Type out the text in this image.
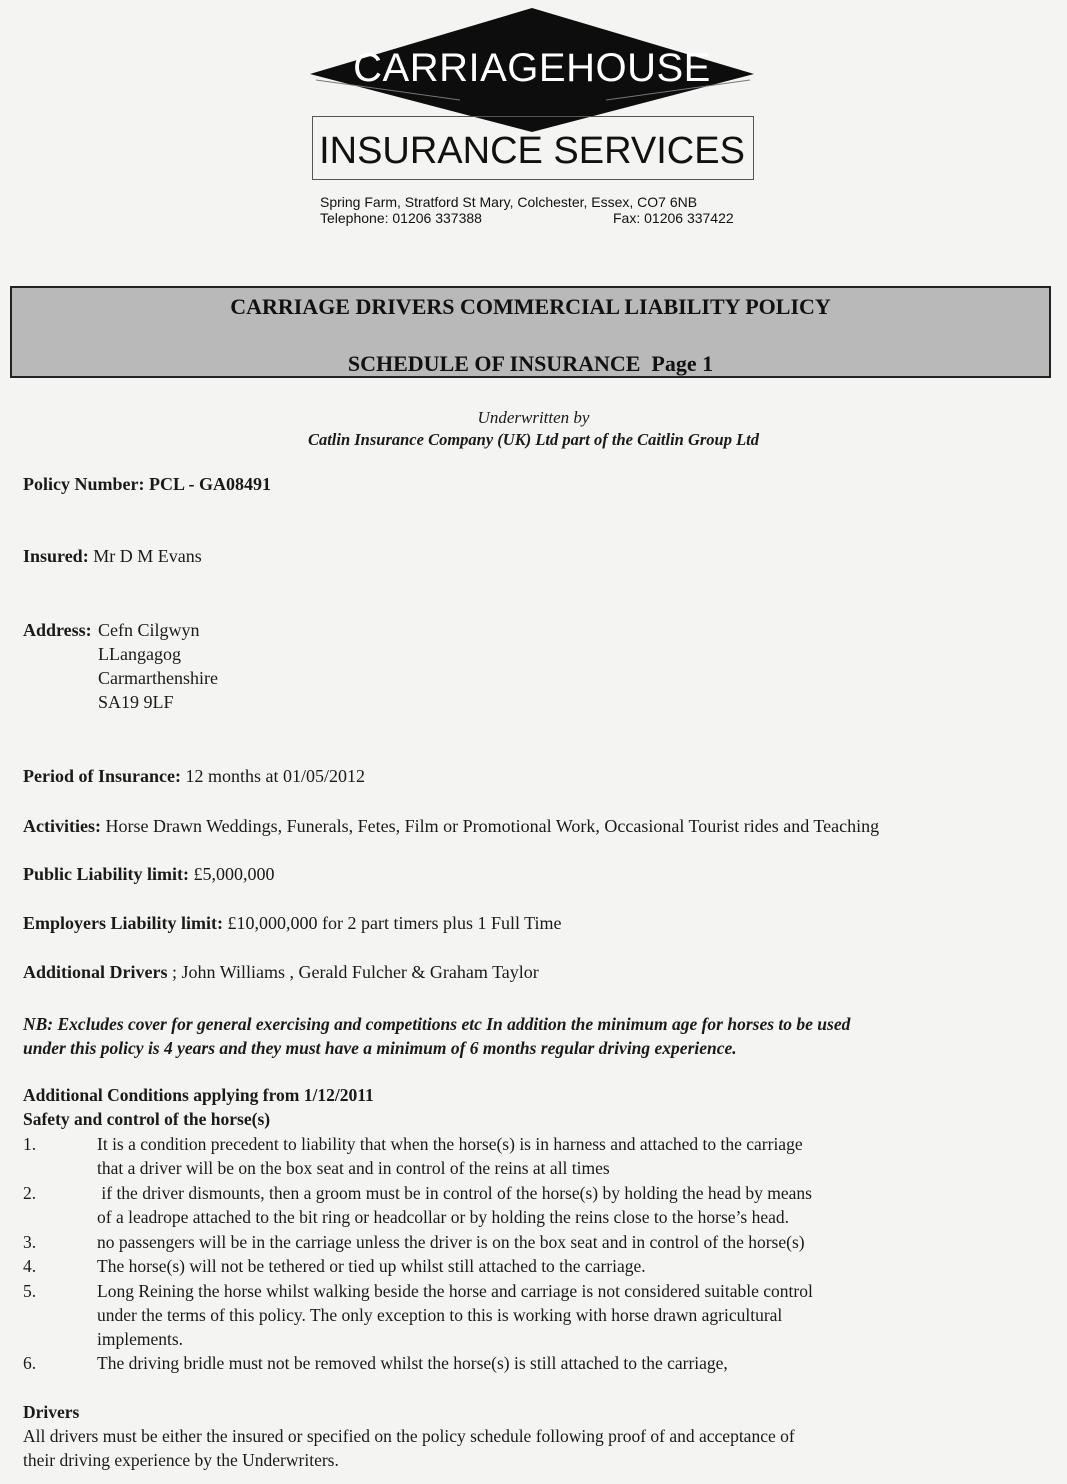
CARRIAGEHOUSE
INSURANCE SERVICES
Spring Farm, Stratford St Mary, Colchester, Essex, CO7 6NB
Telephone: 01206 337388	Fax: 01206 337422
CARRIAGE DRIVERS COMMERCIAL LIABILITY POLICY
SCHEDULE OF INSURANCE  Page 1
Underwritten by
Catlin Insurance Company (UK) Ltd part of the Caitlin Group Ltd
Policy Number: PCL - GA08491
Insured: Mr D M Evans
Address: Cefn Cilgwyn
LLangagog
Carmarthenshire
SA19 9LF
Period of Insurance: 12 months at 01/05/2012
Activities: Horse Drawn Weddings, Funerals, Fetes, Film or Promotional Work, Occasional Tourist rides and Teaching
Public Liability limit: £5,000,000
Employers Liability limit: £10,000,000 for 2 part timers plus 1 Full Time
Additional Drivers ; John Williams , Gerald Fulcher & Graham Taylor
NB: Excludes cover for general exercising and competitions etc In addition the minimum age for horses to be used
under this policy is 4 years and they must have a minimum of 6 months regular driving experience.
Additional Conditions applying from 1/12/2011
Safety and control of the horse(s)
1.	It is a condition precedent to liability that when the horse(s) is in harness and attached to the carriage
that a driver will be on the box seat and in control of the reins at all times
2.	if the driver dismounts, then a groom must be in control of the horse(s) by holding the head by means
of a leadrope attached to the bit ring or headcollar or by holding the reins close to the horse’s head.
3.	no passengers will be in the carriage unless the driver is on the box seat and in control of the horse(s)
4.	The horse(s) will not be tethered or tied up whilst still attached to the carriage.
5.	Long Reining the horse whilst walking beside the horse and carriage is not considered suitable control
under the terms of this policy. The only exception to this is working with horse drawn agricultural
implements.
6.	The driving bridle must not be removed whilst the horse(s) is still attached to the carriage,
Drivers
All drivers must be either the insured or specified on the policy schedule following proof of and acceptance of
their driving experience by the Underwriters.
